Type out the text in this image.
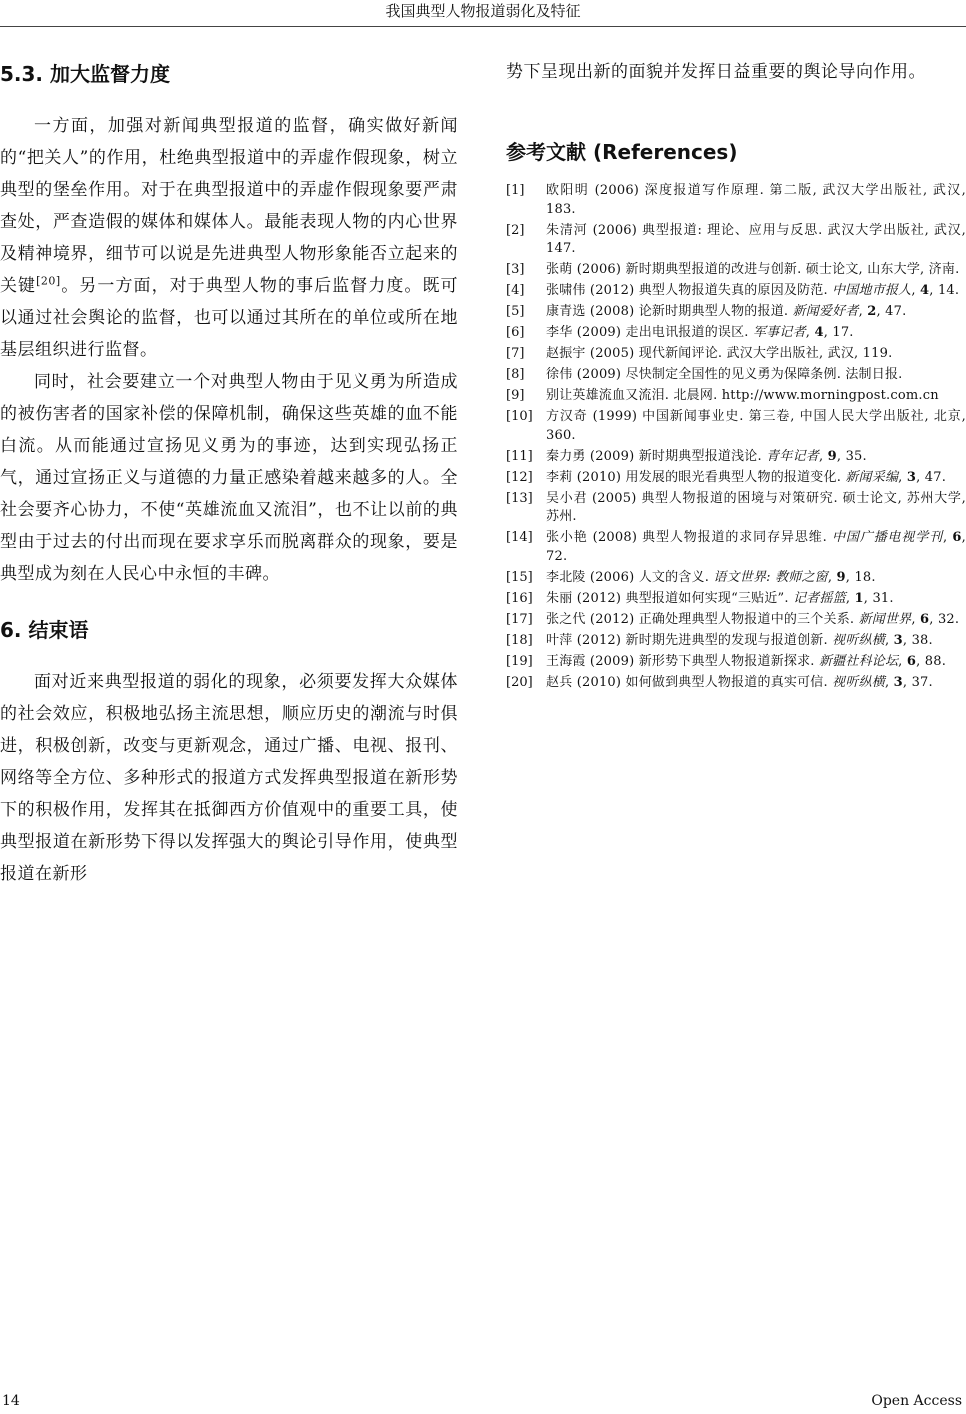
我国典型人物报道弱化及特征
5.3. 加大监督力度

一方面，加强对新闻典型报道的监督，确实做好新闻的“把关人”的作用，杜绝典型报道中的弄虚作假现象，树立典型的堡垒作用。对于在典型报道中的弄虚作假现象要严肃查处，严查造假的媒体和媒体人。最能表现人物的内心世界及精神境界，细节可以说是先进典型人物形象能否立起来的关键[20]。另一方面，对于典型人物的事后监督力度。既可以通过社会舆论的监督，也可以通过其所在的单位或所在地基层组织进行监督。

同时，社会要建立一个对典型人物由于见义勇为所造成的被伤害者的国家补偿的保障机制，确保这些英雄的血不能白流。从而能通过宣扬见义勇为的事迹，达到实现弘扬正气，通过宣扬正义与道德的力量正感染着越来越多的人。全社会要齐心协力，不使“英雄流血又流泪”，也不让以前的典型由于过去的付出而现在要求享乐而脱离群众的现象，要是典型成为刻在人民心中永恒的丰碑。

6. 结束语

面对近来典型报道的弱化的现象，必须要发挥大众媒体的社会效应，积极地弘扬主流思想，顺应历史的潮流与时俱进，积极创新，改变与更新观念，通过广播、电视、报刊、网络等全方位、多种形式的报道方式发挥典型报道在新形势下的积极作用，发挥其在抵御西方价值观中的重要工具，使典型报道在新形势下得以发挥强大的舆论引导作用，使典型报道在新形

势下呈现出新的面貌并发挥日益重要的舆论导向作用。

参考文献 (References)
[1]	欧阳明 (2006) 深度报道写作原理. 第二版, 武汉大学出版社, 武汉, 183.
[2]	朱清河 (2006) 典型报道: 理论、应用与反思. 武汉大学出版社, 武汉, 147.
[3]	张萌 (2006) 新时期典型报道的改进与创新. 硕士论文, 山东大学, 济南.
[4]	张啸伟 (2012) 典型人物报道失真的原因及防范. 中国地市报人, 4, 14.
[5]	康青选 (2008) 论新时期典型人物的报道. 新闻爱好者, 2, 47.
[6]	李华 (2009) 走出电讯报道的误区. 军事记者, 4, 17.
[7]	赵振宇 (2005) 现代新闻评论. 武汉大学出版社, 武汉, 119.
[8]	徐伟 (2009) 尽快制定全国性的见义勇为保障条例. 法制日报.
[9]	别让英雄流血又流泪. 北晨网. http://www.morningpost.com.cn
[10]	方汉奇 (1999) 中国新闻事业史. 第三卷, 中国人民大学出版社, 北京, 360.
[11]	秦力勇 (2009) 新时期典型报道浅论. 青年记者, 9, 35.
[12]	李莉 (2010) 用发展的眼光看典型人物的报道变化. 新闻采编, 3, 47.
[13]	吴小君 (2005) 典型人物报道的困境与对策研究. 硕士论文, 苏州大学, 苏州.
[14]	张小艳 (2008) 典型人物报道的求同存异思维. 中国广播电视学刊, 6, 72.
[15]	李北陵 (2006) 人文的含义. 语文世界: 教师之窗, 9, 18.
[16]	朱丽 (2012) 典型报道如何实现“三贴近”. 记者摇篮, 1, 31.
[17]	张之代 (2012) 正确处理典型人物报道中的三个关系. 新闻世界, 6, 32.
[18]	叶萍 (2012) 新时期先进典型的发现与报道创新. 视听纵横, 3, 38.
[19]	王海霞 (2009) 新形势下典型人物报道新探求. 新疆社科论坛, 6, 88.
[20]	赵兵 (2010) 如何做到典型人物报道的真实可信. 视听纵横, 3, 37.
14	Open Access
